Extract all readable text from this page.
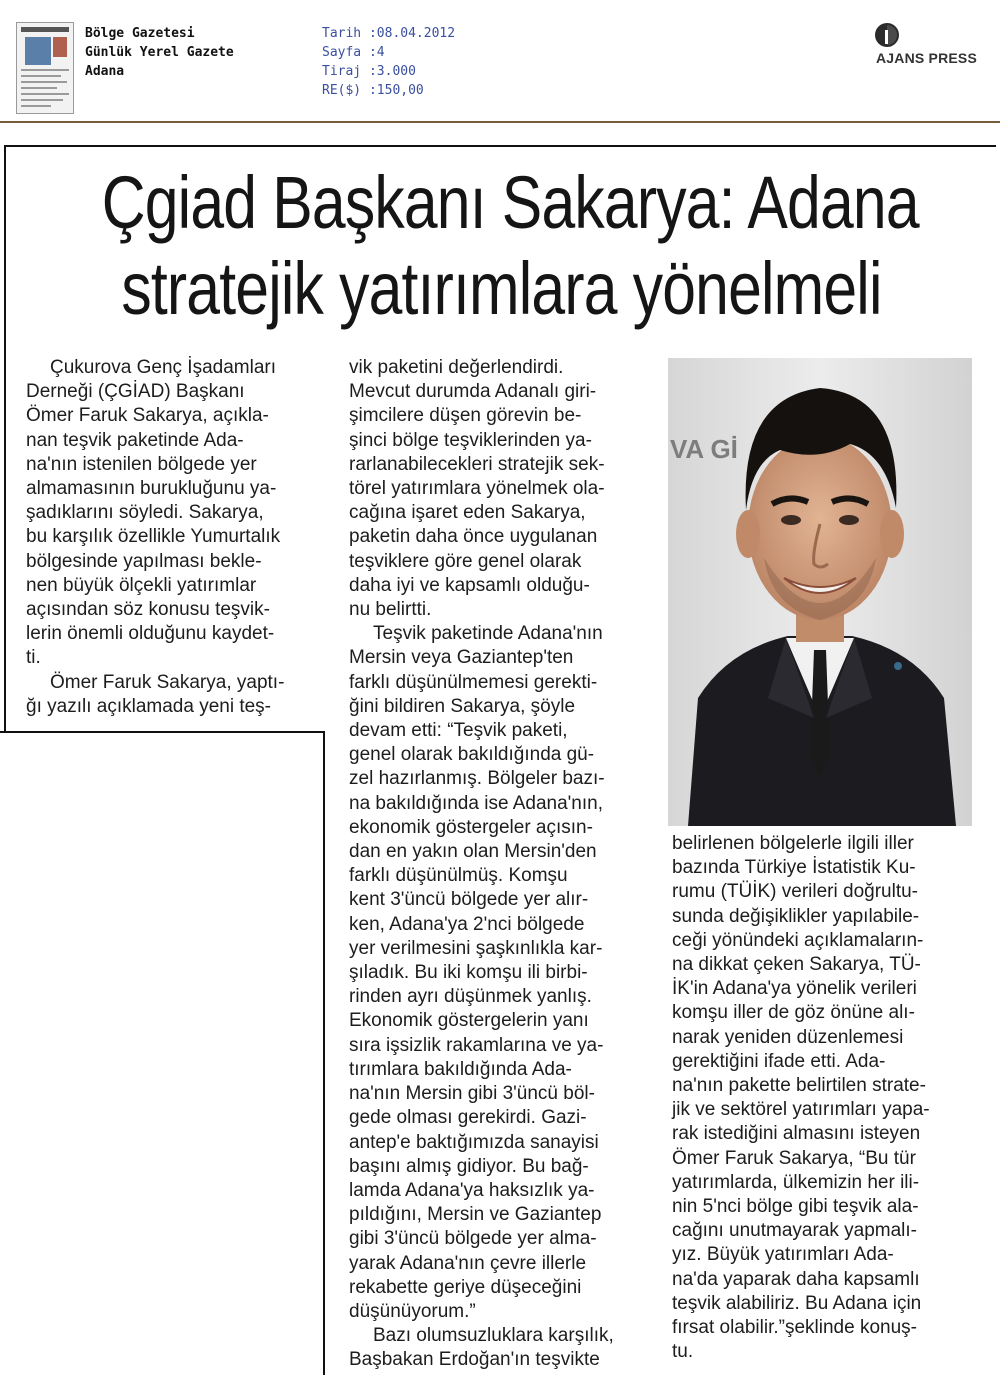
Bölge Gazetesi
Günlük Yerel Gazete
Adana
Tarih :08.04.2012
Sayfa :4
Tiraj :3.000
RE($) :150,00
AJANS PRESS
Çgiad Başkanı Sakarya: Adana
stratejik yatırımlara yönelmeli
VA Gİ

Çukurova Genç İşadamları
Derneği (ÇGİAD) Başkanı
Ömer Faruk Sakarya, açıkla-
nan teşvik paketinde Ada-
na'nın istenilen bölgede yer
almamasının burukluğunu ya-
şadıklarını söyledi. Sakarya,
bu karşılık özellikle Yumurtalık
bölgesinde yapılması bekle-
nen büyük ölçekli yatırımlar
açısından söz konusu teşvik-
lerin önemli olduğunu kaydet-
ti.

Ömer Faruk Sakarya, yaptı-
ğı yazılı açıklamada yeni teş-

vik paketini değerlendirdi.
Mevcut durumda Adanalı giri-
şimcilere düşen görevin be-
şinci bölge teşviklerinden ya-
rarlanabilecekleri stratejik sek-
törel yatırımlara yönelmek ola-
cağına işaret eden Sakarya,
paketin daha önce uygulanan
teşviklere göre genel olarak
daha iyi ve kapsamlı olduğu-
nu belirtti.

Teşvik paketinde Adana'nın
Mersin veya Gaziantep'ten
farklı düşünülmemesi gerekti-
ğini bildiren Sakarya, şöyle
devam etti: “Teşvik paketi,
genel olarak bakıldığında gü-
zel hazırlanmış. Bölgeler bazı-
na bakıldığında ise Adana'nın,
ekonomik göstergeler açısın-
dan en yakın olan Mersin'den
farklı düşünülmüş. Komşu
kent 3'üncü bölgede yer alır-
ken, Adana'ya 2'nci bölgede
yer verilmesini şaşkınlıkla kar-
şıladık. Bu iki komşu ili birbi-
rinden ayrı düşünmek yanlış.
Ekonomik göstergelerin yanı
sıra işsizlik rakamlarına ve ya-
tırımlara bakıldığında Ada-
na'nın Mersin gibi 3'üncü böl-
gede olması gerekirdi. Gazi-
antep'e baktığımızda sanayisi
başını almış gidiyor. Bu bağ-
lamda Adana'ya haksızlık ya-
pıldığını, Mersin ve Gaziantep
gibi 3'üncü bölgede yer alma-
yarak Adana'nın çevre illerle
rekabette geriye düşeceğini
düşünüyorum.”

Bazı olumsuzluklara karşılık,
Başbakan Erdoğan'ın teşvikte

belirlenen bölgelerle ilgili iller
bazında Türkiye İstatistik Ku-
rumu (TÜİK) verileri doğrultu-
sunda değişiklikler yapılabile-
ceği yönündeki açıklamaların-
na dikkat çeken Sakarya, TÜ-
İK'in Adana'ya yönelik verileri
komşu iller de göz önüne alı-
narak yeniden düzenlemesi
gerektiğini ifade etti. Ada-
na'nın pakette belirtilen strate-
jik ve sektörel yatırımları yapa-
rak istediğini almasını isteyen
Ömer Faruk Sakarya, “Bu tür
yatırımlarda, ülkemizin her ili-
nin 5'nci bölge gibi teşvik ala-
cağını unutmayarak yapmalı-
yız. Büyük yatırımları Ada-
na'da yaparak daha kapsamlı
teşvik alabiliriz. Bu Adana için
fırsat olabilir.”şeklinde konuş-
tu.
